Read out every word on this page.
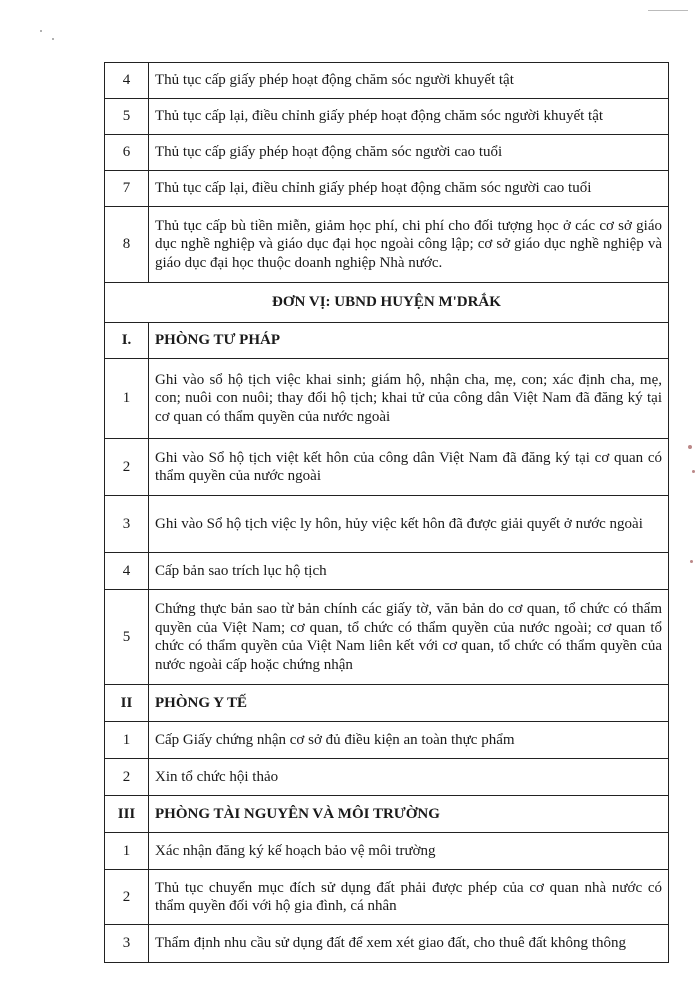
4	Thủ tục cấp giấy phép hoạt động chăm sóc người khuyết tật
5	Thủ tục cấp lại, điều chỉnh giấy phép hoạt động chăm sóc người khuyết tật
6	Thủ tục cấp giấy phép hoạt động chăm sóc người cao tuổi
7	Thủ tục cấp lại, điều chỉnh giấy phép hoạt động chăm sóc người cao tuổi
8	Thủ tục cấp bù tiền miễn, giảm học phí, chi phí cho đối tượng học ở các cơ sở giáo dục nghề nghiệp và giáo dục đại học ngoài công lập; cơ sở giáo dục nghề nghiệp và giáo dục đại học thuộc doanh nghiệp Nhà nước.
ĐƠN VỊ: UBND HUYỆN M'DRẮK	
I.	PHÒNG TƯ PHÁP
1	Ghi vào sổ hộ tịch việc khai sinh; giám hộ, nhận cha, mẹ, con; xác định cha, mẹ, con; nuôi con nuôi; thay đổi hộ tịch; khai tử của công dân Việt Nam đã đăng ký tại cơ quan có thẩm quyền của nước ngoài
2	Ghi vào Sổ hộ tịch việt kết hôn của công dân Việt Nam đã đăng ký tại cơ quan có thẩm quyền của nước ngoài
3	Ghi vào Sổ hộ tịch việc ly hôn, hủy việc kết hôn đã được giải quyết ở nước ngoài
4	Cấp bản sao trích lục hộ tịch
5	Chứng thực bản sao từ bản chính các giấy tờ, văn bản do cơ quan, tổ chức có thẩm quyền của Việt Nam; cơ quan, tổ chức có thẩm quyền của nước ngoài; cơ quan tổ chức có thẩm quyền của Việt Nam liên kết với cơ quan, tổ chức có thẩm quyền của nước ngoài cấp hoặc chứng nhận
II	PHÒNG Y TẾ
1	Cấp Giấy chứng nhận cơ sở đủ điều kiện an toàn thực phẩm
2	Xin tổ chức hội thảo
III	PHÒNG TÀI NGUYÊN VÀ MÔI TRƯỜNG
1	Xác nhận đăng ký kế hoạch bảo vệ môi trường
2	Thủ tục chuyển mục đích sử dụng đất phải được phép của cơ quan nhà nước có thẩm quyền đối với hộ gia đình, cá nhân
3	Thẩm định nhu cầu sử dụng đất để xem xét giao đất, cho thuê đất không thông
